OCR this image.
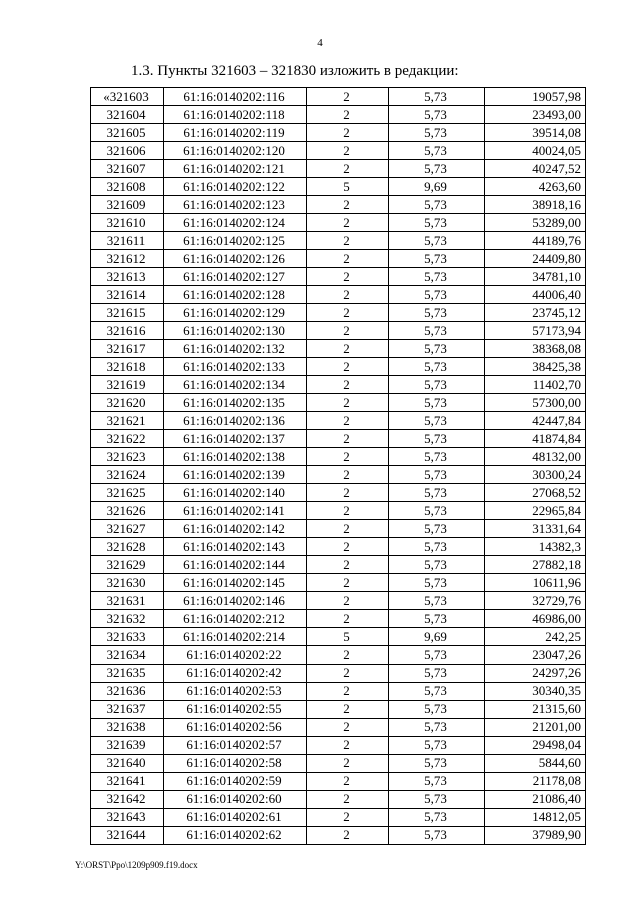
4
1.3. Пункты 321603 – 321830 изложить в редакции:
«321603	61:16:0140202:116	2	5,73	19057,98
321604	61:16:0140202:118	2	5,73	23493,00
321605	61:16:0140202:119	2	5,73	39514,08
321606	61:16:0140202:120	2	5,73	40024,05
321607	61:16:0140202:121	2	5,73	40247,52
321608	61:16:0140202:122	5	9,69	4263,60
321609	61:16:0140202:123	2	5,73	38918,16
321610	61:16:0140202:124	2	5,73	53289,00
321611	61:16:0140202:125	2	5,73	44189,76
321612	61:16:0140202:126	2	5,73	24409,80
321613	61:16:0140202:127	2	5,73	34781,10
321614	61:16:0140202:128	2	5,73	44006,40
321615	61:16:0140202:129	2	5,73	23745,12
321616	61:16:0140202:130	2	5,73	57173,94
321617	61:16:0140202:132	2	5,73	38368,08
321618	61:16:0140202:133	2	5,73	38425,38
321619	61:16:0140202:134	2	5,73	11402,70
321620	61:16:0140202:135	2	5,73	57300,00
321621	61:16:0140202:136	2	5,73	42447,84
321622	61:16:0140202:137	2	5,73	41874,84
321623	61:16:0140202:138	2	5,73	48132,00
321624	61:16:0140202:139	2	5,73	30300,24
321625	61:16:0140202:140	2	5,73	27068,52
321626	61:16:0140202:141	2	5,73	22965,84
321627	61:16:0140202:142	2	5,73	31331,64
321628	61:16:0140202:143	2	5,73	14382,3
321629	61:16:0140202:144	2	5,73	27882,18
321630	61:16:0140202:145	2	5,73	10611,96
321631	61:16:0140202:146	2	5,73	32729,76
321632	61:16:0140202:212	2	5,73	46986,00
321633	61:16:0140202:214	5	9,69	242,25
321634	61:16:0140202:22	2	5,73	23047,26
321635	61:16:0140202:42	2	5,73	24297,26
321636	61:16:0140202:53	2	5,73	30340,35
321637	61:16:0140202:55	2	5,73	21315,60
321638	61:16:0140202:56	2	5,73	21201,00
321639	61:16:0140202:57	2	5,73	29498,04
321640	61:16:0140202:58	2	5,73	5844,60
321641	61:16:0140202:59	2	5,73	21178,08
321642	61:16:0140202:60	2	5,73	21086,40
321643	61:16:0140202:61	2	5,73	14812,05
321644	61:16:0140202:62	2	5,73	37989,90
Y:\ORST\Ppo\1209p909.f19.docx
